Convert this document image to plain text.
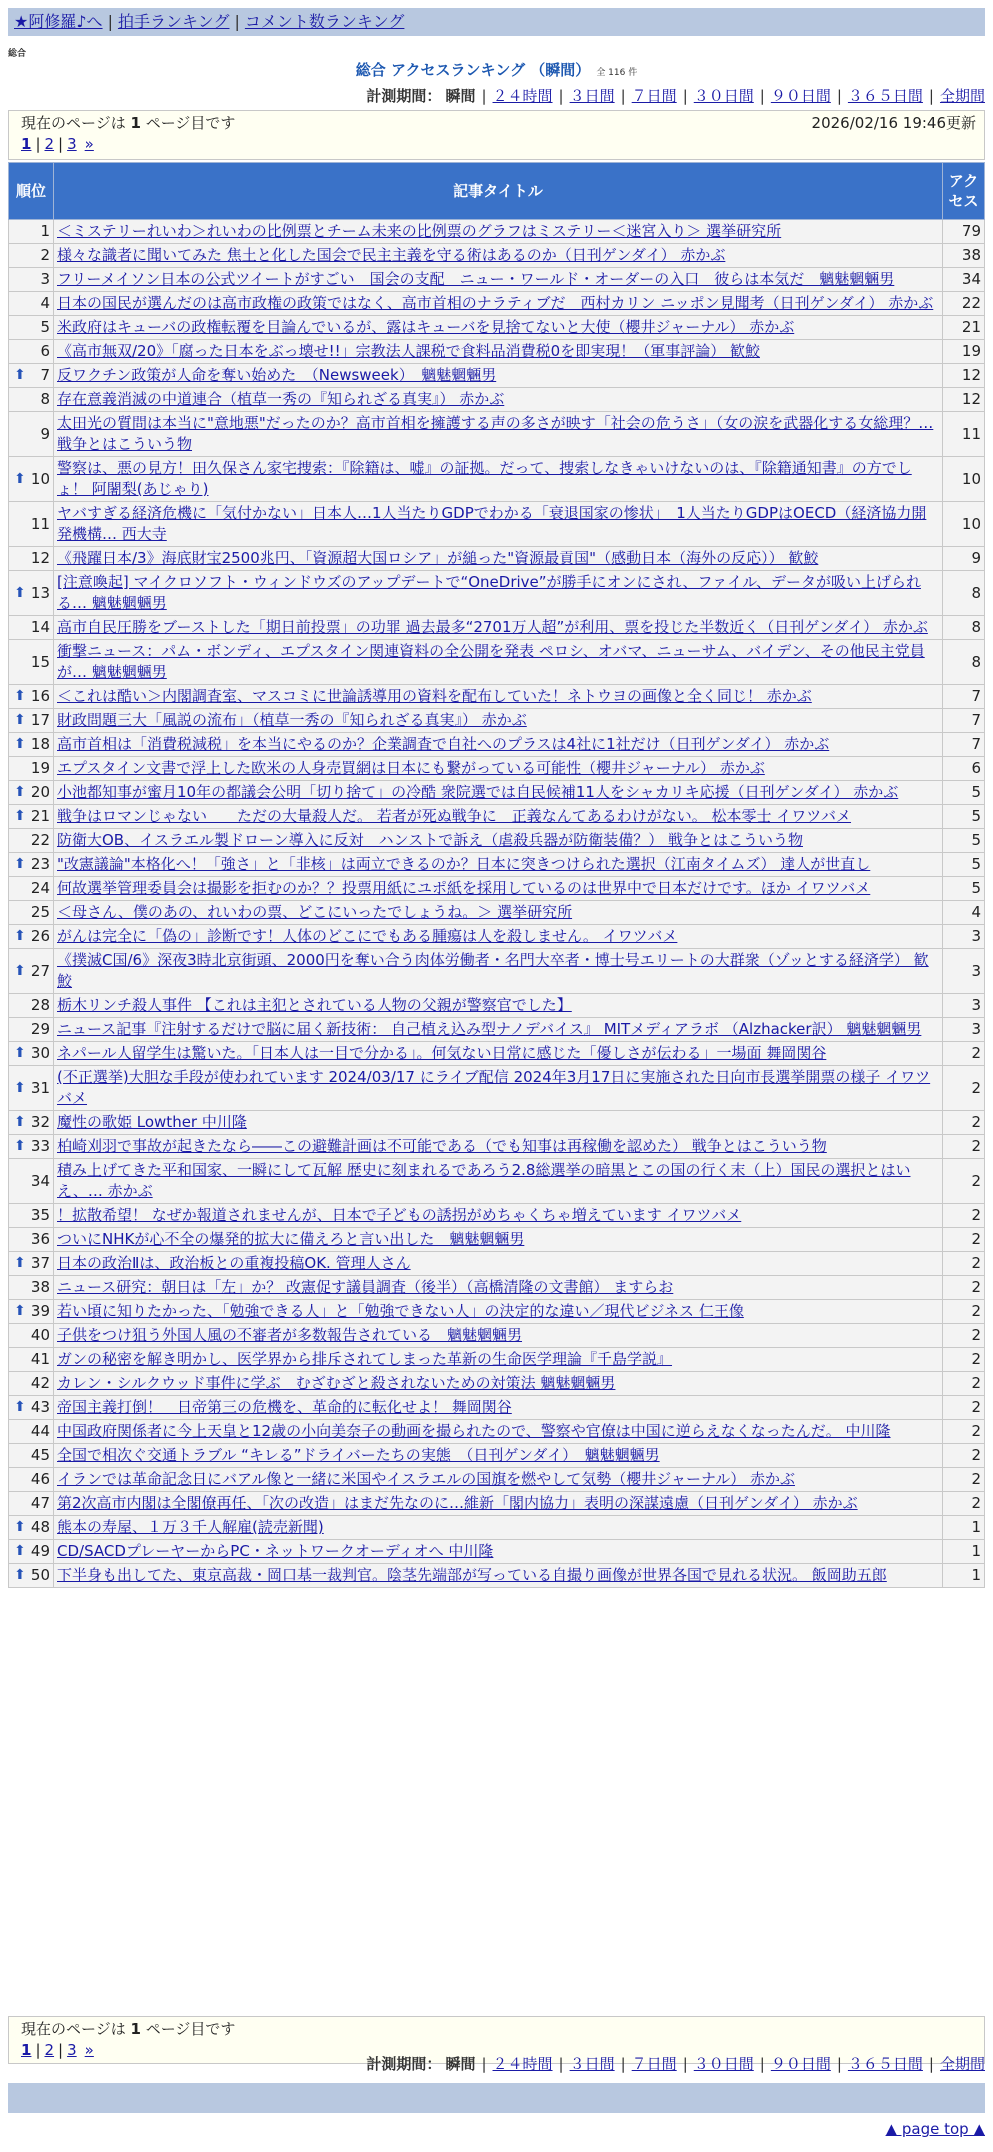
★阿修羅♪へ | 拍手ランキング | コメント数ランキング
総合
総合 アクセスランキング （瞬間） 全 116 件
計測期間： 瞬間 | ２４時間 | ３日間 | ７日間 | ３０日間 | ９０日間 | ３６５日間 | 全期間
現在のページは 1 ページ目です	2026/02/16 19:46更新
1 | 2 | 3 »
順位	記事タイトル	アクセス
1	＜ミステリーれいわ＞れいわの比例票とチーム未来の比例票のグラフはミステリー＜迷宮入り＞ 選挙研究所	79
2	様々な識者に聞いてみた 焦土と化した国会で民主主義を守る術はあるのか（日刊ゲンダイ） 赤かぶ	38
3	フリーメイソン日本の公式ツイートがすごい　国会の支配　ニュー・ワールド・オーダーの入口　彼らは本気だ　魑魅魍魎男	34
4	日本の国民が選んだのは高市政権の政策ではなく、高市首相のナラティブだ　西村カリン ニッポン見聞考（日刊ゲンダイ） 赤かぶ	22
5	米政府はキューバの政権転覆を目論んでいるが、露はキューバを見捨てないと大使（櫻井ジャーナル） 赤かぶ	21
6	《高市無双/20》「腐った日本をぶっ壊せ!!」宗教法人課税で食料品消費税0を即実現！（軍事評論） 歓鮫	19

⬆ 7	反ワクチン政策が人命を奪い始めた　（Newsweek）　魑魅魍魎男	12
8	存在意義消滅の中道連合（植草一秀の『知られざる真実』） 赤かぶ	12
9	太田光の質問は本当に"意地悪"だったのか？高市首相を擁護する声の多さが映す「社会の危うさ」（女の涙を武器化する女総理？… 戦争とはこういう物	11

⬆ 10	警察は、悪の見方！田久保さん家宅捜索：『除籍は、嘘』の証拠。だって、捜索しなきゃいけないのは、『除籍通知書』の方でしょ！ 阿闍梨(あじゃり)	10
11	ヤバすぎる経済危機に「気付かない」日本人…1人当たりGDPでわかる「衰退国家の惨状」　1人当たりGDPはOECD（経済協力開発機構… 西大寺	10
12	《飛躍日本/3》海底財宝2500兆円、「資源超大国ロシア」が縋った"資源最貢国"（感動日本（海外の反応）） 歓鮫	9

⬆ 13	[注意喚起] マイクロソフト・ウィンドウズのアップデートで“OneDrive”が勝手にオンにされ、ファイル、データが吸い上げられる… 魑魅魍魎男	8
14	高市自民圧勝をブーストした「期日前投票」の功罪 過去最多“2701万人超”が利用、票を投じた半数近く（日刊ゲンダイ） 赤かぶ	8
15	衝撃ニュース：パム・ボンディ、エプスタイン関連資料の全公開を発表 ペロシ、オバマ、ニューサム、バイデン、その他民主党員が… 魑魅魍魎男	8

⬆ 16	＜これは酷い＞内閣調査室、マスコミに世論誘導用の資料を配布していた！ネトウヨの画像と全く同じ！ 赤かぶ	7

⬆ 17	財政問題三大「風説の流布」（植草一秀の『知られざる真実』） 赤かぶ	7

⬆ 18	高市首相は「消費税減税」を本当にやるのか？企業調査で自社へのプラスは4社に1社だけ（日刊ゲンダイ） 赤かぶ	7
19	エプスタイン文書で浮上した欧米の人身売買網は日本にも繋がっている可能性（櫻井ジャーナル） 赤かぶ	6

⬆ 20	小池都知事が蜜月10年の都議会公明「切り捨て」の冷酷 衆院選では自民候補11人をシャカリキ応援（日刊ゲンダイ） 赤かぶ	5

⬆ 21	戦争はロマンじゃない　　ただの大量殺人だ。 若者が死ぬ戦争に　正義なんてあるわけがない。 松本零士 イワツバメ	5
22	防衛大OB、イスラエル製ドローン導入に反対　ハンストで訴え（虐殺兵器が防衛装備？） 戦争とはこういう物	5

⬆ 23	"改憲議論"本格化へ！「強さ」と「非核」は両立できるのか？日本に突きつけられた選択（江南タイムズ） 達人が世直し	5
24	何故選挙管理委員会は撮影を拒むのか？？投票用紙にユポ紙を採用しているのは世界中で日本だけです。ほか イワツバメ	5
25	＜母さん、僕のあの、れいわの票、どこにいったでしょうね。＞ 選挙研究所	4

⬆ 26	がんは完全に「偽の」診断です！人体のどこにでもある腫瘍は人を殺しません。 イワツバメ	3

⬆ 27	《撲滅C国/6》深夜3時北京街頭、2000円を奪い合う肉体労働者・名門大卒者・博士号エリートの大群衆（ゾッとする経済学） 歓鮫	3
28	栃木リンチ殺人事件 【これは主犯とされている人物の父親が警察官でした】	3
29	ニュース記事『注射するだけで脳に届く新技術： 自己植え込み型ナノデバイス』 MITメディアラボ （Alzhacker訳） 魑魅魍魎男	3

⬆ 30	ネパール人留学生は驚いた。「日本人は一目で分かる」。何気ない日常に感じた「優しさが伝わる」一場面 舞岡関谷	2

⬆ 31	(不正選挙)大胆な手段が使われています 2024/03/17 にライブ配信 2024年3月17日に実施された日向市長選挙開票の様子 イワツバメ	2

⬆ 32	魔性の歌姫 Lowther 中川隆	2

⬆ 33	柏崎刈羽で事故が起きたなら――この避難計画は不可能である（でも知事は再稼働を認めた） 戦争とはこういう物	2
34	積み上げてきた平和国家、一瞬にして瓦解 歴史に刻まれるであろう2.8総選挙の暗黒とこの国の行く末（上）国民の選択とはいえ、… 赤かぶ	2
35	！拡散希望！ なぜか報道されませんが、日本で子どもの誘拐がめちゃくちゃ増えています イワツバメ	2
36	ついにNHKが心不全の爆発的拡大に備えろと言い出した　魑魅魍魎男	2

⬆ 37	日本の政治Ⅱは、政治板との重複投稿OK. 管理人さん	2
38	ニュース研究：朝日は「左」か？ 改憲促す議員調査（後半）（高橋清隆の文書館） ますらお	2

⬆ 39	若い頃に知りたかった、「勉強できる人」と「勉強できない人」の決定的な違い／現代ビジネス 仁王像	2
40	子供をつけ狙う外国人風の不審者が多数報告されている　魑魅魍魎男	2
41	ガンの秘密を解き明かし、医学界から排斥されてしまった革新の生命医学理論『千島学説』	2
42	カレン・シルクウッド事件に学ぶ　むざむざと殺されないための対策法 魑魅魍魎男	2

⬆ 43	帝国主義打倒！　日帝第三の危機を、革命的に転化せよ！ 舞岡関谷	2
44	中国政府関係者に今上天皇と12歳の小向美奈子の動画を撮られたので、警察や官僚は中国に逆らえなくなったんだ。 中川隆	2
45	全国で相次ぐ交通トラブル “キレる”ドライバーたちの実態　（日刊ゲンダイ）　魑魅魍魎男	2
46	イランでは革命記念日にバアル像と一緒に米国やイスラエルの国旗を燃やして気勢（櫻井ジャーナル） 赤かぶ	2
47	第2次高市内閣は全閣僚再任、「次の改造」はまだ先なのに…維新「閣内協力」表明の深謀遠慮（日刊ゲンダイ） 赤かぶ	2

⬆ 48	熊本の寿屋、１万３千人解雇(読売新聞)	1

⬆ 49	CD/SACDプレーヤーからPC・ネットワークオーディオへ 中川隆	1

⬆ 50	下半身も出してた、東京高裁・岡口基一裁判官。陰茎先端部が写っている自撮り画像が世界各国で見れる状況。 飯岡助五郎	1
現在のページは 1 ページ目です
1 | 2 | 3 »
計測期間： 瞬間 | ２４時間 | ３日間 | ７日間 | ３０日間 | ９０日間 | ３６５日間 | 全期間
▲ page top ▲
